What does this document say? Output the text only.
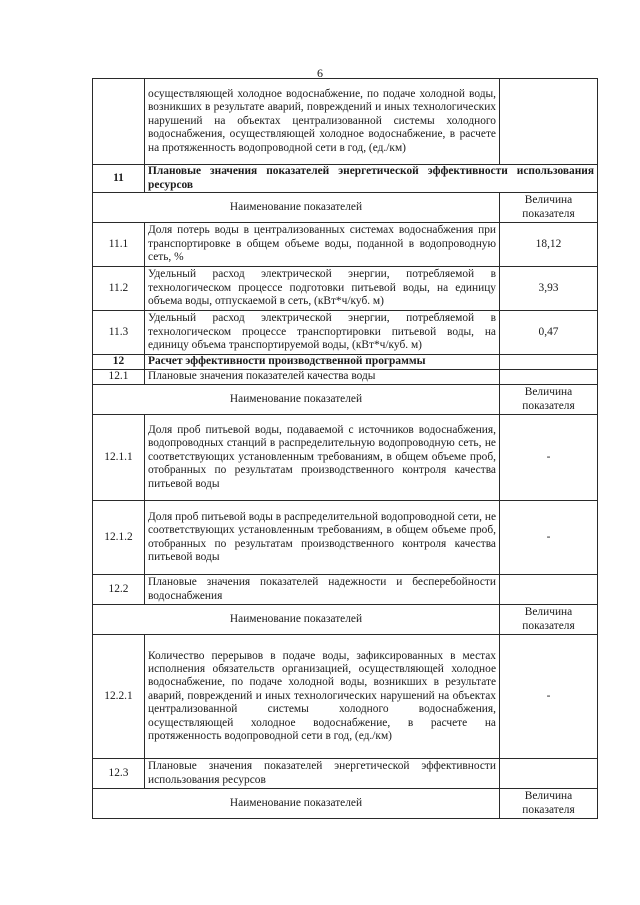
6
	осуществляющей холодное водоснабжение, по подаче холодной воды, возникших в результате аварий, повреждений и иных технологических нарушений на объектах централизованной системы холодного водоснабжения, осуществляющей холодное водоснабжение, в расчете на протяженность водопроводной сети в год, (ед./км)	
11	Плановые значения показателей энергетической эффективности использования ресурсов	
Наименование показателей		Величина показателя
11.1	Доля потерь воды в централизованных системах водоснабжения при транспортировке в общем объеме воды, поданной в водопроводную сеть, %	18,12
11.2	Удельный расход электрической энергии, потребляемой в технологическом процессе подготовки питьевой воды, на единицу объема воды, отпускаемой в сеть, (кВт*ч/куб. м)	3,93
11.3	Удельный расход электрической энергии, потребляемой в технологическом процессе транспортировки питьевой воды, на единицу объема транспортируемой воды, (кВт*ч/куб. м)	0,47
12	Расчет эффективности производственной программы	
12.1	Плановые значения показателей качества воды	
Наименование показателей		Величина показателя
12.1.1	Доля проб питьевой воды, подаваемой с источников водоснабжения, водопроводных станций в распределительную водопроводную сеть, не соответствующих установленным требованиям, в общем объеме проб, отобранных по результатам производственного контроля качества питьевой воды	-
12.1.2	Доля проб питьевой воды в распределительной водопроводной сети, не соответствующих установленным требованиям, в общем объеме проб, отобранных по результатам производственного контроля качества питьевой воды	-
12.2	Плановые значения показателей надежности и бесперебойности водоснабжения	
Наименование показателей		Величина показателя
12.2.1	Количество перерывов в подаче воды, зафиксированных в местах исполнения обязательств организацией, осуществляющей холодное водоснабжение, по подаче холодной воды, возникших в результате аварий, повреждений и иных технологических нарушений на объектах централизованной системы холодного водоснабжения, осуществляющей холодное водоснабжение, в расчете на протяженность водопроводной сети в год, (ед./км)	-
12.3	Плановые значения показателей энергетической эффективности использования ресурсов	
Наименование показателей		Величина показателя
